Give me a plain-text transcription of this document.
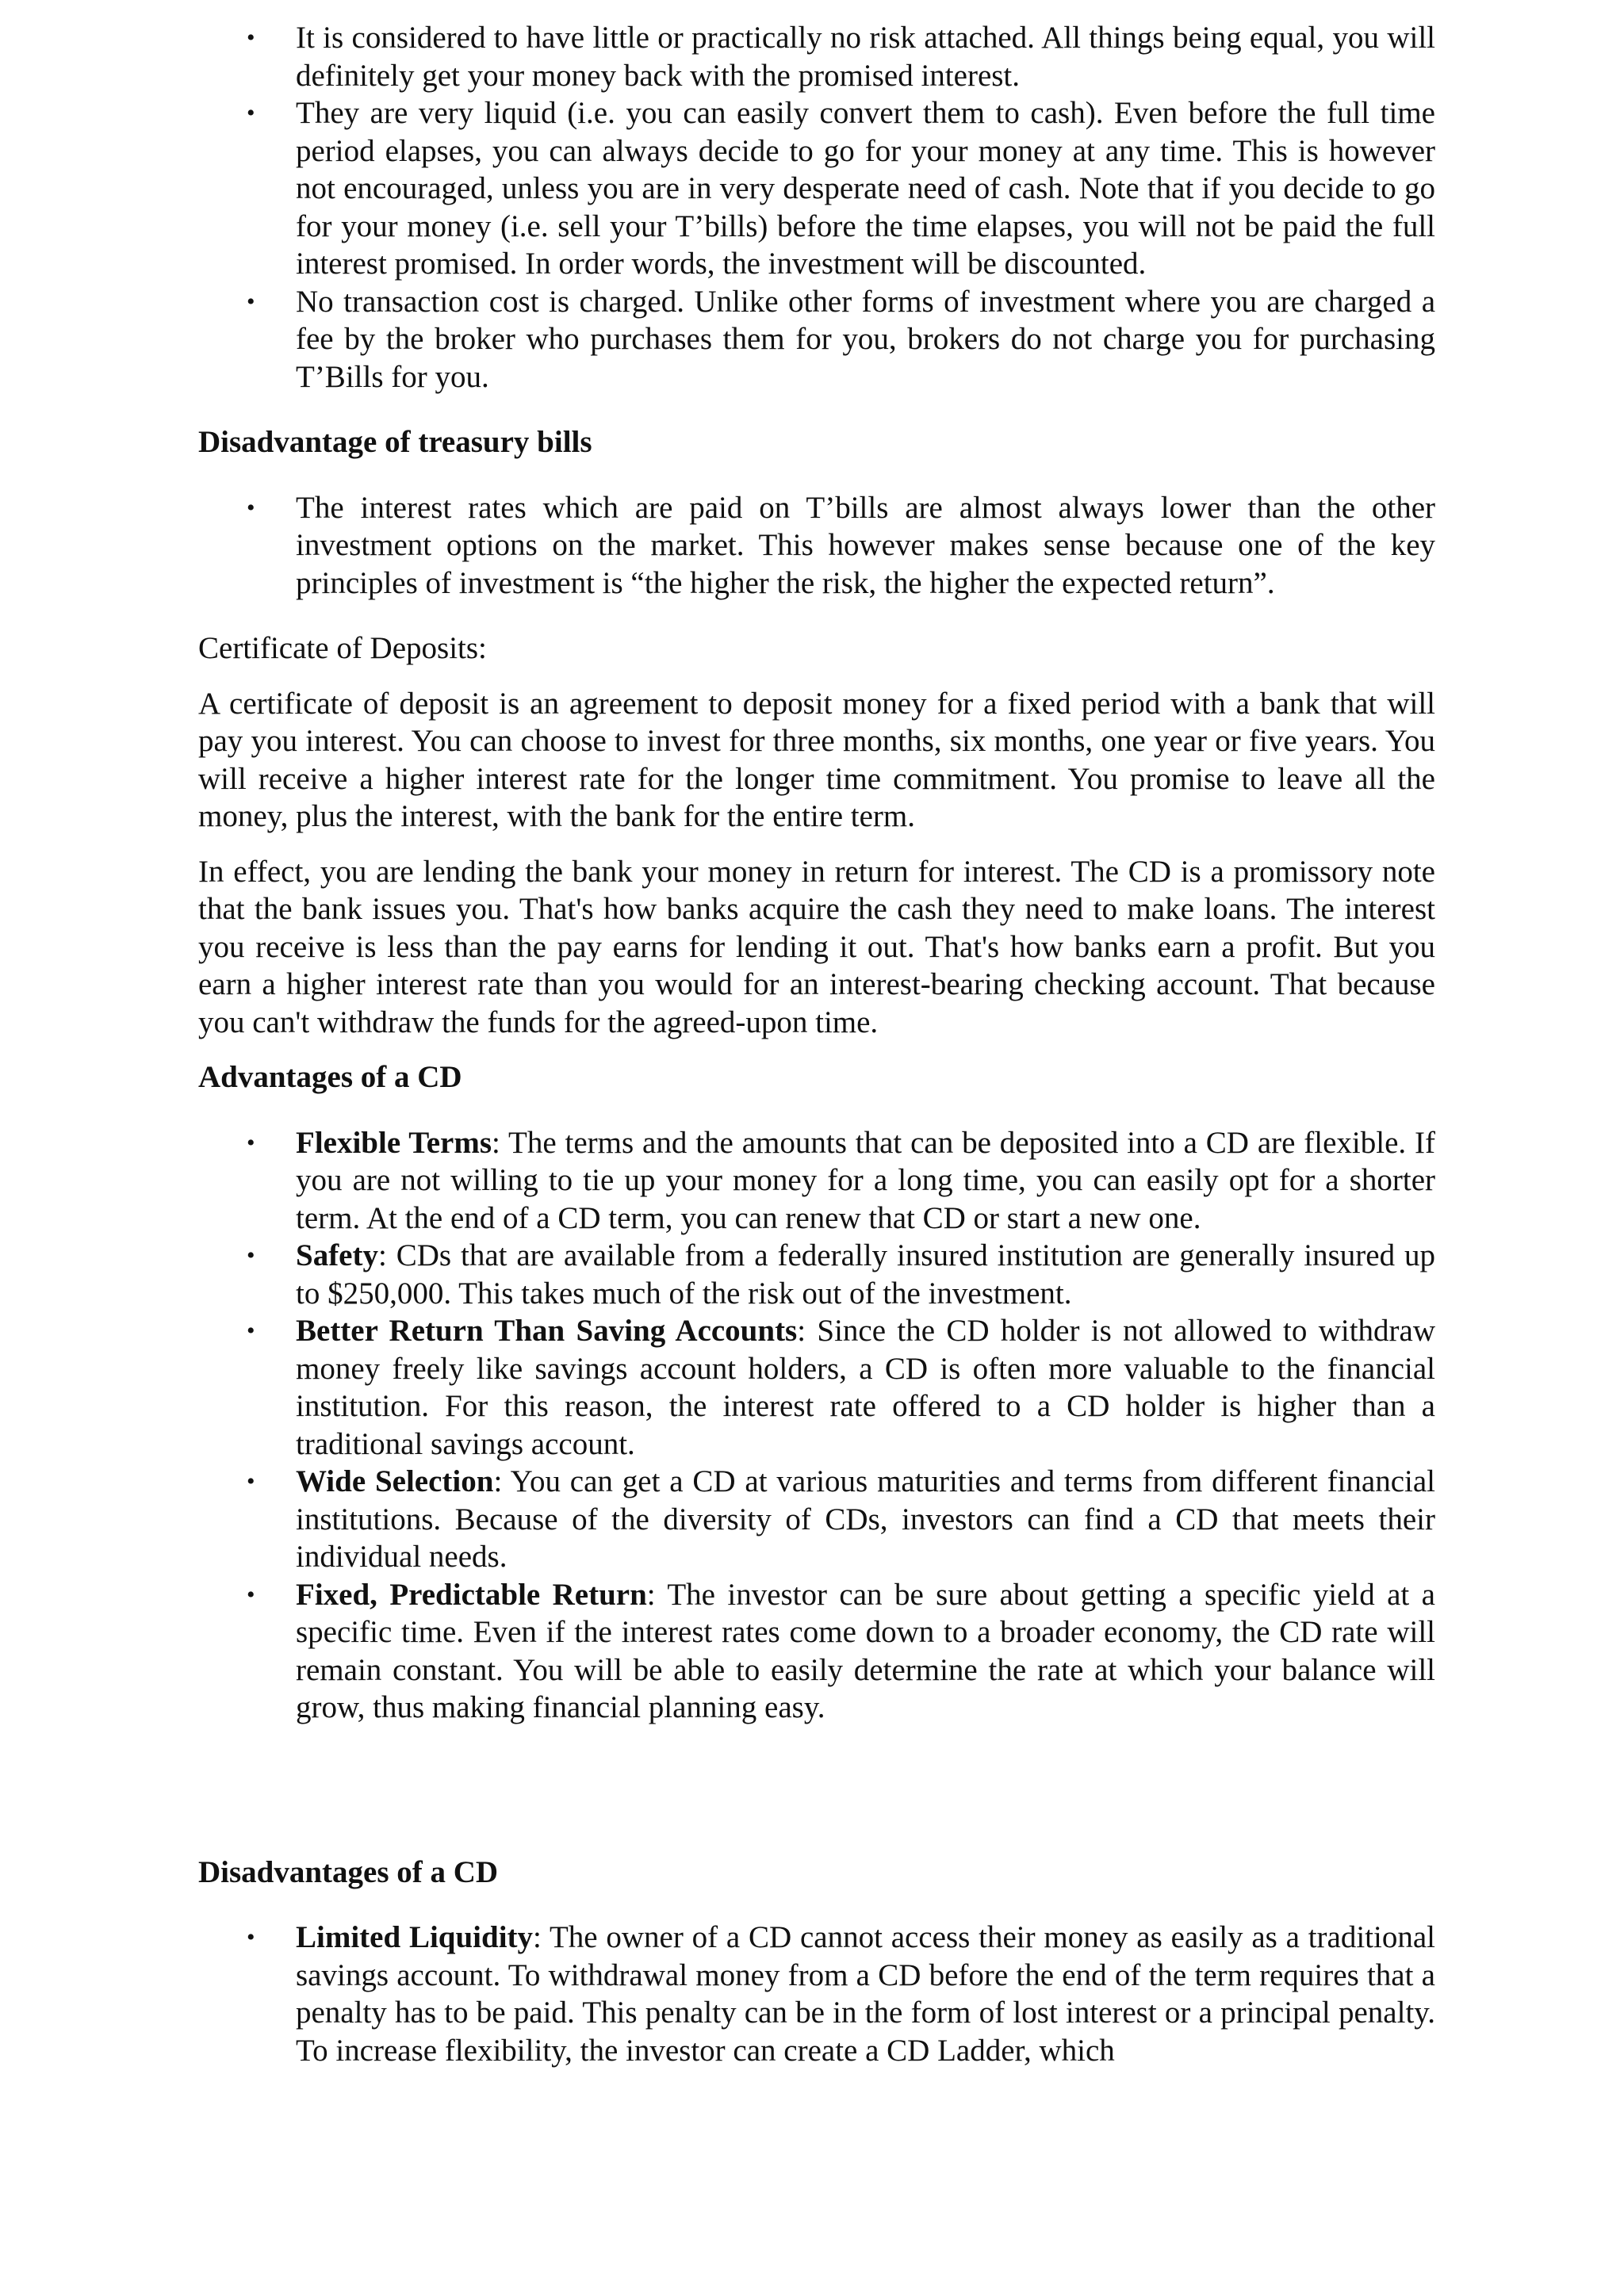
• It is considered to have little or practically no risk attached. All things being equal, you will definitely get your money back with the promised interest.
• They are very liquid (i.e. you can easily convert them to cash). Even before the full time period elapses, you can always decide to go for your money at any time. This is however not encouraged, unless you are in very desperate need of cash. Note that if you decide to go for your money (i.e. sell your T’bills) before the time elapses, you will not be paid the full interest promised. In order words, the investment will be discounted.
• No transaction cost is charged. Unlike other forms of investment where you are charged a fee by the broker who purchases them for you, brokers do not charge you for purchasing T’Bills for you.

Disadvantage of treasury bills

• The interest rates which are paid on T’bills are almost always lower than the other investment options on the market. This however makes sense because one of the key principles of investment is “the higher the risk, the higher the expected return”.

Certificate of Deposits:

A certificate of deposit is an agreement to deposit money for a fixed period with a bank that will pay you interest. You can choose to invest for three months, six months, one year or five years. You will receive a higher interest rate for the longer time commitment. You promise to leave all the money, plus the interest, with the bank for the entire term.

In effect, you are lending the bank your money in return for interest. The CD is a promissory note that the bank issues you. That's how banks acquire the cash they need to make loans. The interest you receive is less than the pay earns for lending it out. That's how banks earn a profit. But you earn a higher interest rate than you would for an interest-bearing checking account. That because you can't withdraw the funds for the agreed-upon time.

Advantages of a CD

• Flexible Terms: The terms and the amounts that can be deposited into a CD are flexible. If you are not willing to tie up your money for a long time, you can easily opt for a shorter term. At the end of a CD term, you can renew that CD or start a new one.
• Safety: CDs that are available from a federally insured institution are generally insured up to $250,000. This takes much of the risk out of the investment.
• Better Return Than Saving Accounts: Since the CD holder is not allowed to withdraw money freely like savings account holders, a CD is often more valuable to the financial institution. For this reason, the interest rate offered to a CD holder is higher than a traditional savings account.
• Wide Selection: You can get a CD at various maturities and terms from different financial institutions. Because of the diversity of CDs, investors can find a CD that meets their individual needs.
• Fixed, Predictable Return: The investor can be sure about getting a specific yield at a specific time. Even if the interest rates come down to a broader economy, the CD rate will remain constant. You will be able to easily determine the rate at which your balance will grow, thus making financial planning easy.

Disadvantages of a CD

• Limited Liquidity: The owner of a CD cannot access their money as easily as a traditional savings account. To withdrawal money from a CD before the end of the term requires that a penalty has to be paid. This penalty can be in the form of lost interest or a principal penalty. To increase flexibility, the investor can create a CD Ladder, which
